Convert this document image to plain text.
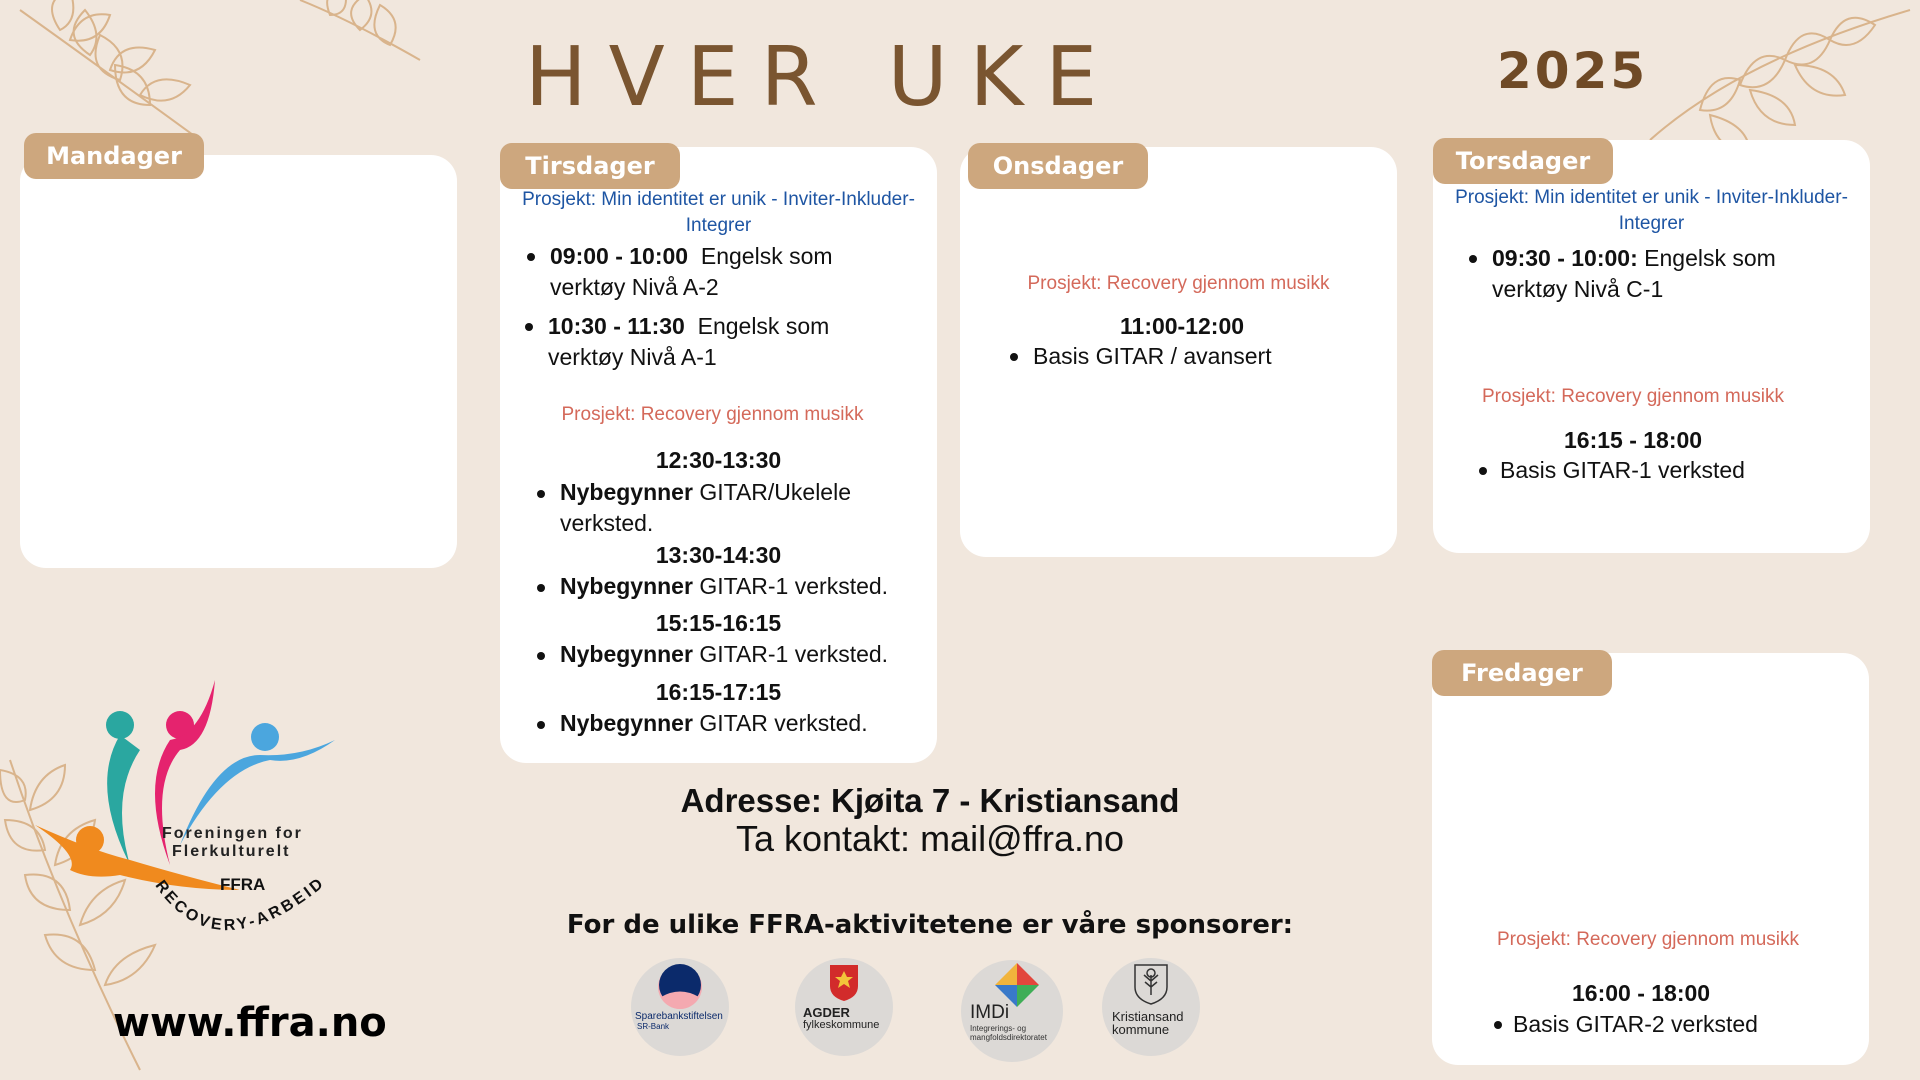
HVER UKE	2025
Mandager
Prosjekt: Min identitet er unik - Inviter-Inkluder-Integrer
09:00 - 10:00 Engelsk som
verktøy Nivå A-2
10:30 - 11:30 Engelsk som
verktøy Nivå A-1
Prosjekt: Recovery gjennom musikk
12:30-13:30
Nybegynner GITAR/Ukelele
verksted.
13:30-14:30
Nybegynner GITAR-1 verksted.
15:15-16:15
Nybegynner GITAR-1 verksted.
16:15-17:15
Nybegynner GITAR verksted.
Tirsdager
Prosjekt: Recovery gjennom musikk
11:00-12:00
Basis GITAR / avansert
Onsdager
Prosjekt: Min identitet er unik - Inviter-Inkluder-Integrer
09:30 - 10:00: Engelsk som
verktøy Nivå C-1
Prosjekt: Recovery gjennom musikk
16:15 - 18:00
Basis GITAR-1 verksted
Torsdager
Prosjekt: Recovery gjennom musikk
16:00 - 18:00
Basis GITAR-2 verksted
Fredager
Adresse: Kjøita 7 - Kristiansand
Ta kontakt: mail@ffra.no
For de ulike FFRA-aktivitetene er våre sponsorer:
Sparebankstiftelsen
SR-Bank
AGDER
fylkeskommune
IMDi
Integrerings- og
mangfoldsdirektoratet
Kristiansand
kommune
Foreningen for
Flerkulturelt
FFRA
RECOVERY-ARBEID
www.ffra.no
